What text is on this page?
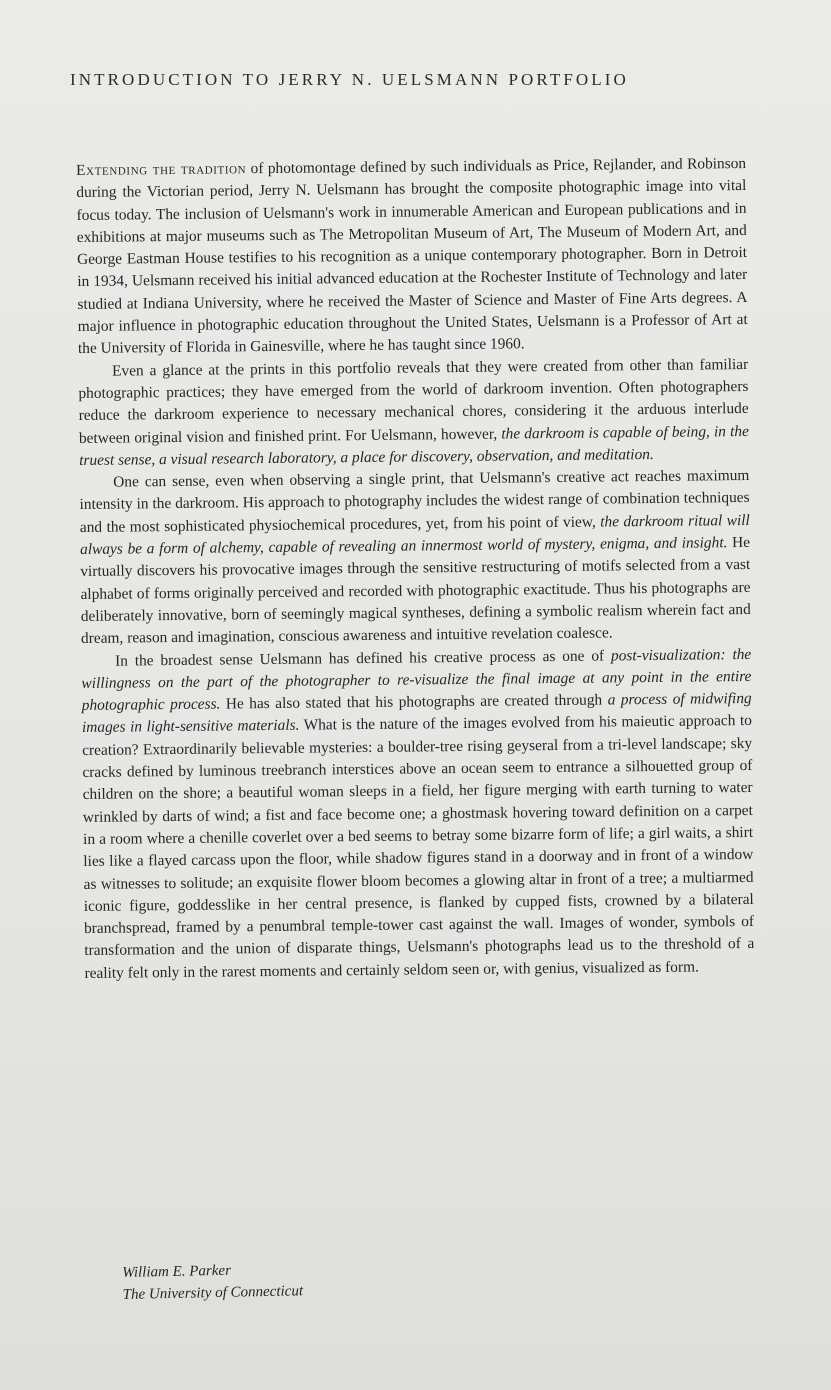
INTRODUCTION TO JERRY N. UELSMANN PORTFOLIO

Extending the tradition of photomontage defined by such individuals as Price, Rejlander, and Robinson during the Victorian period, Jerry N. Uelsmann has brought the composite photographic image into vital focus today. The inclusion of Uelsmann's work in innumerable American and European publications and in exhibitions at major museums such as The Metropolitan Museum of Art, The Museum of Modern Art, and George Eastman House testifies to his recognition as a unique contemporary photographer. Born in Detroit in 1934, Uelsmann received his initial advanced education at the Rochester Institute of Technology and later studied at Indiana University, where he received the Master of Science and Master of Fine Arts degrees. A major influence in photographic education throughout the United States, Uelsmann is a Professor of Art at the University of Florida in Gainesville, where he has taught since 1960.

Even a glance at the prints in this portfolio reveals that they were created from other than familiar photographic practices; they have emerged from the world of darkroom invention. Often photographers reduce the darkroom experience to necessary mechanical chores, considering it the arduous interlude between original vision and finished print. For Uelsmann, however, the darkroom is capable of being, in the truest sense, a visual research laboratory, a place for discovery, observation, and meditation.

One can sense, even when observing a single print, that Uelsmann's creative act reaches maximum intensity in the darkroom. His approach to photography includes the widest range of combination techniques and the most sophisticated physiochemical procedures, yet, from his point of view, the darkroom ritual will always be a form of alchemy, capable of revealing an innermost world of mystery, enigma, and insight. He virtually discovers his provocative images through the sensitive restructuring of motifs selected from a vast alphabet of forms originally perceived and recorded with photographic exactitude. Thus his photographs are deliberately innovative, born of seemingly magical syntheses, defining a symbolic realism wherein fact and dream, reason and imagination, conscious awareness and intuitive revelation coalesce.

In the broadest sense Uelsmann has defined his creative process as one of post-visualization: the willingness on the part of the photographer to re-visualize the final image at any point in the entire photographic process. He has also stated that his photographs are created through a process of midwifing images in light-sensitive materials. What is the nature of the images evolved from his maieutic approach to creation? Extraordinarily believable mysteries: a boulder-tree rising geyseral from a tri-level landscape; sky cracks defined by luminous treebranch interstices above an ocean seem to entrance a silhouetted group of children on the shore; a beautiful woman sleeps in a field, her figure merging with earth turning to water wrinkled by darts of wind; a fist and face become one; a ghostmask hovering toward definition on a carpet in a room where a chenille coverlet over a bed seems to betray some bizarre form of life; a girl waits, a shirt lies like a flayed carcass upon the floor, while shadow figures stand in a doorway and in front of a window as witnesses to solitude; an exquisite flower bloom becomes a glowing altar in front of a tree; a multiarmed iconic figure, goddesslike in her central presence, is flanked by cupped fists, crowned by a bilateral branchspread, framed by a penumbral temple-tower cast against the wall. Images of wonder, symbols of transformation and the union of disparate things, Uelsmann's photographs lead us to the threshold of a reality felt only in the rarest moments and certainly seldom seen or, with genius, visualized as form.

William E. Parker
The University of Connecticut
